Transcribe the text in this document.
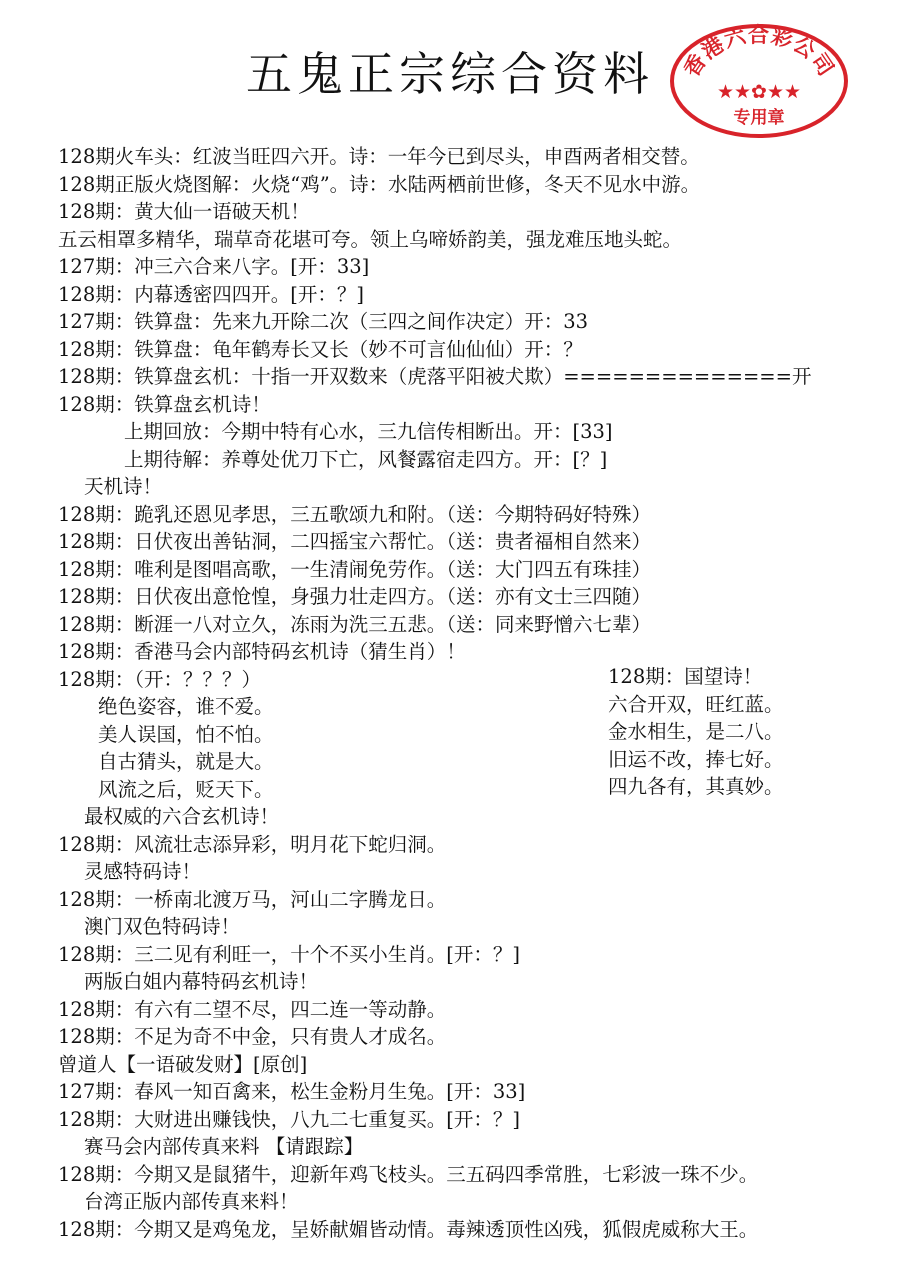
五鬼正宗综合资料	香港六合彩公司
★★✿★★
专用章
128期火车头：红波当旺四六开。诗：一年今已到尽头，申酉两者相交替。
128期正版火烧图解：火烧“鸡”。诗：水陆两栖前世修，冬天不见水中游。
128期：黄大仙一语破天机！
五云相罩多精华，瑞草奇花堪可夸。领上乌啼娇韵美，强龙难压地头蛇。
127期：冲三六合来八字。[开：33]
128期：内幕透密四四开。[开：？]
127期：铁算盘：先来九开除二次（三四之间作决定）开：33
128期：铁算盘：龟年鹤寿长又长（妙不可言仙仙仙）开：？
128期：铁算盘玄机：十指一开双数来（虎落平阳被犬欺）==============开
128期：铁算盘玄机诗！
上期回放：今期中特有心水，三九信传相断出。开：[33]
上期待解：养尊处优刀下亡，风餐露宿走四方。开：[？]
天机诗！
128期：跪乳还恩见孝思，三五歌颂九和附。（送：今期特码好特殊）
128期：日伏夜出善钻洞，二四摇宝六帮忙。（送：贵者福相自然来）
128期：唯利是图唱高歌，一生清闹免劳作。（送：大门四五有珠挂）
128期：日伏夜出意怆惶，身强力壮走四方。（送：亦有文士三四随）
128期：断涯一八对立久，冻雨为洗三五悲。（送：同来野憎六七辈）
128期：香港马会内部特码玄机诗（猜生肖）！
128期：（开：？？？）
绝色姿容，谁不爱。
美人误国，怕不怕。
自古猜头，就是大。
风流之后，贬天下。
最权威的六合玄机诗！
128期：风流壮志添异彩，明月花下蛇归洞。
灵感特码诗！
128期：一桥南北渡万马，河山二字腾龙日。
澳门双色特码诗！
128期：三二见有利旺一，十个不买小生肖。[开：？]
两版白姐内幕特码玄机诗！
128期：有六有二望不尽，四二连一等动静。
128期：不足为奇不中金，只有贵人才成名。
曾道人【一语破发财】[原创]
127期：春风一知百禽来，松生金粉月生兔。[开：33]
128期：大财进出赚钱快，八九二七重复买。[开：？]
赛马会内部传真来料 【请跟踪】
128期：今期又是鼠猪牛，迎新年鸡飞枝头。三五码四季常胜，七彩波一珠不少。
台湾正版内部传真来料！
128期：今期又是鸡兔龙，呈娇献媚皆动情。毒辣透顶性凶残，狐假虎威称大王。
128期：国望诗！
六合开双，旺红蓝。
金水相生，是二八。
旧运不改，捧七好。
四九各有，其真妙。
